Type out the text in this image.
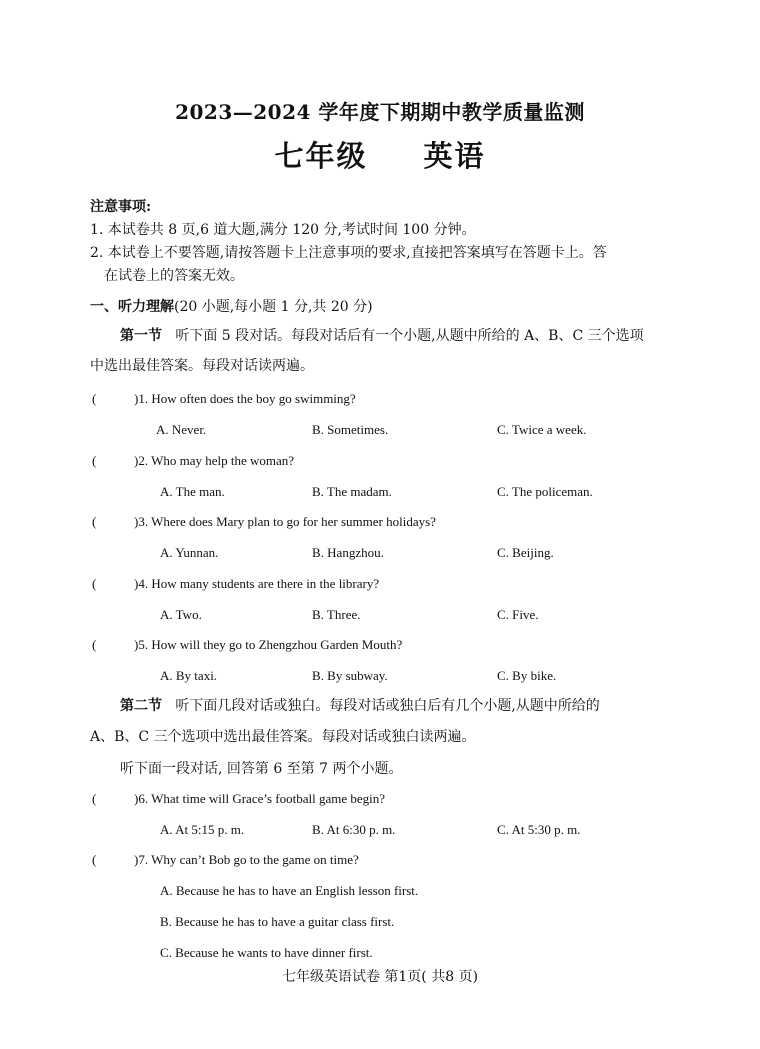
2023—2024 学年度下期期中教学质量监测
七年级 英语
注意事项:
1. 本试卷共 8 页,6 道大题,满分 120 分,考试时间 100 分钟。
2. 本试卷上不要答题,请按答题卡上注意事项的要求,直接把答案填写在答题卡上。答
在试卷上的答案无效。
一、听力理解(20 小题,每小题 1 分,共 20 分)
第一节 听下面 5 段对话。每段对话后有一个小题,从题中所给的 A、B、C 三个选项
中选出最佳答案。每段对话读两遍。
(	)1. How often does the boy go swimming?
A. Never.	B. Sometimes.	C. Twice a week.
(	)2. Who may help the woman?
A. The man.	B. The madam.	C. The policeman.
(	)3. Where does Mary plan to go for her summer holidays?
A. Yunnan.	B. Hangzhou.	C. Beijing.
(	)4. How many students are there in the library?
A. Two.	B. Three.	C. Five.
(	)5. How will they go to Zhengzhou Garden Mouth?
A. By taxi.	B. By subway.	C. By bike.
第二节 听下面几段对话或独白。每段对话或独白后有几个小题,从题中所给的
A、B、C 三个选项中选出最佳答案。每段对话或独白读两遍。
听下面一段对话, 回答第 6 至第 7 两个小题。
(	)6. What time will Grace’s football game begin?
A. At 5:15 p. m.	B. At 6:30 p. m.	C. At 5:30 p. m.
(	)7. Why can’t Bob go to the game on time?
A. Because he has to have an English lesson first.
B. Because he has to have a guitar class first.
C. Because he wants to have dinner first.
七年级英语试卷 第1页( 共8 页)
